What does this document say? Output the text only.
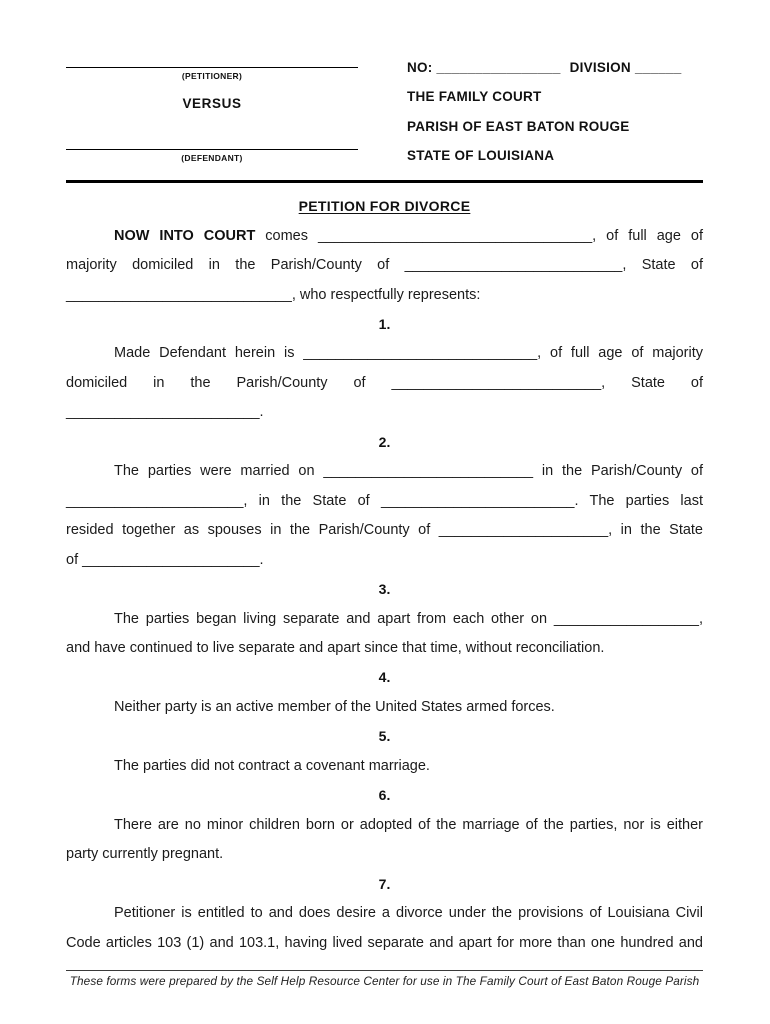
(PETITIONER)
VERSUS
(DEFENDANT)
NO: ________________ DIVISION ______
THE FAMILY COURT
PARISH OF EAST BATON ROUGE
STATE OF LOUISIANA
PETITION FOR DIVORCE
NOW INTO COURT comes __________________________________, of full age of
majority domiciled in the Parish/County of ___________________________, State of
____________________________, who respectfully represents:
1.
Made Defendant herein is _____________________________, of full age of majority
domiciled in the Parish/County of __________________________, State of
________________________.
2.
The parties were married on __________________________ in the Parish/County of
______________________, in the State of ________________________. The parties last
resided together as spouses in the Parish/County of _____________________, in the State
of ______________________.
3.
The parties began living separate and apart from each other on __________________,
and have continued to live separate and apart since that time, without reconciliation.
4.
Neither party is an active member of the United States armed forces.
5.
The parties did not contract a covenant marriage.
6.
There are no minor children born or adopted of the marriage of the parties, nor is either
party currently pregnant.
7.
Petitioner is entitled to and does desire a divorce under the provisions of Louisiana Civil
Code articles 103 (1) and 103.1, having lived separate and apart for more than one hundred and
These forms were prepared by the Self Help Resource Center for use in The Family Court of East Baton Rouge Parish
